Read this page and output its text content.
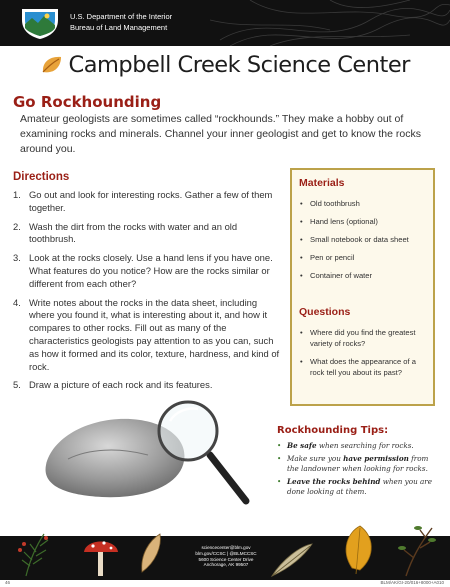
U.S. Department of the Interior
Bureau of Land Management
Campbell Creek Science Center
Go Rockhounding
Amateur geologists are sometimes called “rockhounds.” They make a hobby out of examining rocks and minerals. Channel your inner geologist and get to know the rocks around you.
Directions
1. Go out and look for interesting rocks. Gather a few of them together.
2. Wash the dirt from the rocks with water and an old toothbrush.
3. Look at the rocks closely. Use a hand lens if you have one. What features do you notice? How are the rocks similar or different from each other?
4. Write notes about the rocks in the data sheet, including where you found it, what is interesting about it, and how it compares to other rocks. Fill out as many of the characteristics geologists pay attention to as you can, such as how it formed and its color, texture, hardness, and kind of rock.
5. Draw a picture of each rock and its features.
Materials
• Old toothbrush
• Hand lens (optional)
• Small notebook or data sheet
• Pen or pencil
• Container of water
Questions
• Where did you find the greatest variety of rocks?
• What does the appearance of a rock tell you about its past?
Rockhounding Tips:
• Be safe when searching for rocks.
• Make sure you have permission from the landowner when looking for rocks.
• Leave the rocks behind when you are done looking at them.
sciencecenter@blm.gov
blm.gov/CCSC | @BLMCCSC
5600 Science Center Drive
Anchorage, AK 99507
46	BLM/AK/GI-20/016+8000+A010
